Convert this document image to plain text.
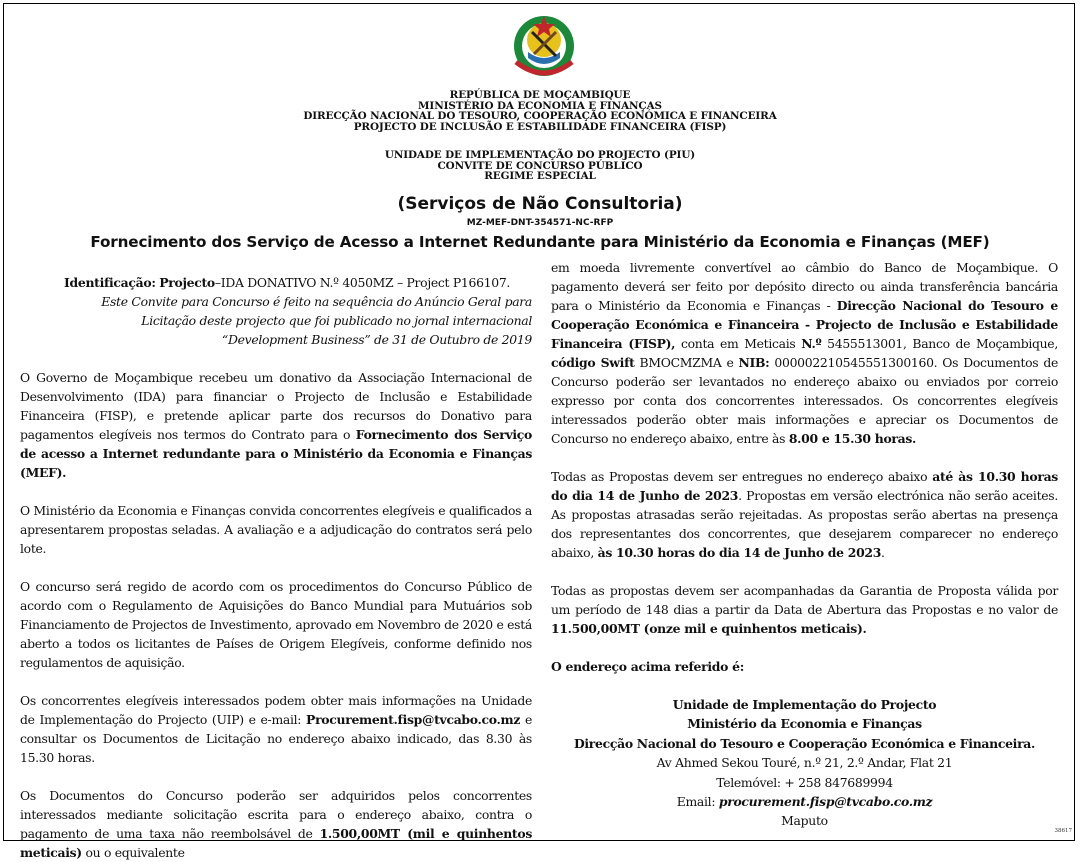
REPÚBLICA DE MOÇAMBIQUE
MINISTÉRIO DA ECONOMIA E FINANÇAS
DIRECÇÃO NACIONAL DO TESOURO, COOPERAÇÃO ECONÓMICA E FINANCEIRA
PROJECTO DE INCLUSÃO E ESTABILIDADE FINANCEIRA (FISP)
UNIDADE DE IMPLEMENTAÇÃO DO PROJECTO (PIU)
CONVITE DE CONCURSO PÚBLICO
REGIME ESPECIAL
(Serviços de Não Consultoria)
MZ-MEF-DNT-354571-NC-RFP
Fornecimento dos Serviço de Acesso a Internet Redundante para Ministério da Economia e Finanças (MEF)

Identificação: Projecto–IDA DONATIVO N.º 4050MZ – Project P166107.

Este Convite para Concurso é feito na sequência do Anúncio Geral para Licitação deste projecto que foi publicado no jornal internacional “Development Business” de 31 de Outubro de 2019

O Governo de Moçambique recebeu um donativo da Associação Internacional de Desenvolvimento (IDA) para financiar o Projecto de Inclusão e Estabilidade Financeira (FISP), e pretende aplicar parte dos recursos do Donativo para pagamentos elegíveis nos termos do Contrato para o Fornecimento dos Serviço de acesso a Internet redundante para o Ministério da Economia e Finanças (MEF).

O Ministério da Economia e Finanças convida concorrentes elegíveis e qualificados a apresentarem propostas seladas. A avaliação e a adjudicação do contratos será pelo lote.

O concurso será regido de acordo com os procedimentos do Concurso Público de acordo com o Regulamento de Aquisições do Banco Mundial para Mutuários sob Financiamento de Projectos de Investimento, aprovado em Novembro de 2020 e está aberto a todos os licitantes de Países de Origem Elegíveis, conforme definido nos regulamentos de aquisição.

Os concorrentes elegíveis interessados podem obter mais informações na Unidade de Implementação do Projecto (UIP) e e-mail: Procurement.fisp@tvcabo.co.mz e consultar os Documentos de Licitação no endereço abaixo indicado, das 8.30 às 15.30 horas.

Os Documentos do Concurso poderão ser adquiridos pelos concorrentes interessados mediante solicitação escrita para o endereço abaixo, contra o pagamento de uma taxa não reembolsável de 1.500,00MT (mil e quinhentos meticais) ou o equivalente

em moeda livremente convertível ao câmbio do Banco de Moçambique. O pagamento deverá ser feito por depósito directo ou ainda transferência bancária para o Ministério da Economia e Finanças - Direcção Nacional do Tesouro e Cooperação Económica e Financeira - Projecto de Inclusão e Estabilidade Financeira (FISP), conta em Meticais N.º 5455513001, Banco de Moçambique, código Swift BMOCMZMA e NIB: 000002210545551300160. Os Documentos de Concurso poderão ser levantados no endereço abaixo ou enviados por correio expresso por conta dos concorrentes interessados. Os concorrentes elegíveis interessados poderão obter mais informações e apreciar os Documentos de Concurso no endereço abaixo, entre às 8.00 e 15.30 horas.

Todas as Propostas devem ser entregues no endereço abaixo até às 10.30 horas do dia 14 de Junho de 2023. Propostas em versão electrónica não serão aceites. As propostas atrasadas serão rejeitadas. As propostas serão abertas na presença dos representantes dos concorrentes, que desejarem comparecer no endereço abaixo, às 10.30 horas do dia 14 de Junho de 2023.

Todas as propostas devem ser acompanhadas da Garantia de Proposta válida por um período de 148 dias a partir da Data de Abertura das Propostas e no valor de 11.500,00MT (onze mil e quinhentos meticais).

O endereço acima referido é:

Unidade de Implementação do Projecto
Ministério da Economia e Finanças
Direcção Nacional do Tesouro e Cooperação Económica e Financeira.
Av Ahmed Sekou Touré, n.º 21, 2.º Andar, Flat 21
Telemóvel: + 258 847689994
Email: procurement.fisp@tvcabo.co.mz
Maputo
38617
